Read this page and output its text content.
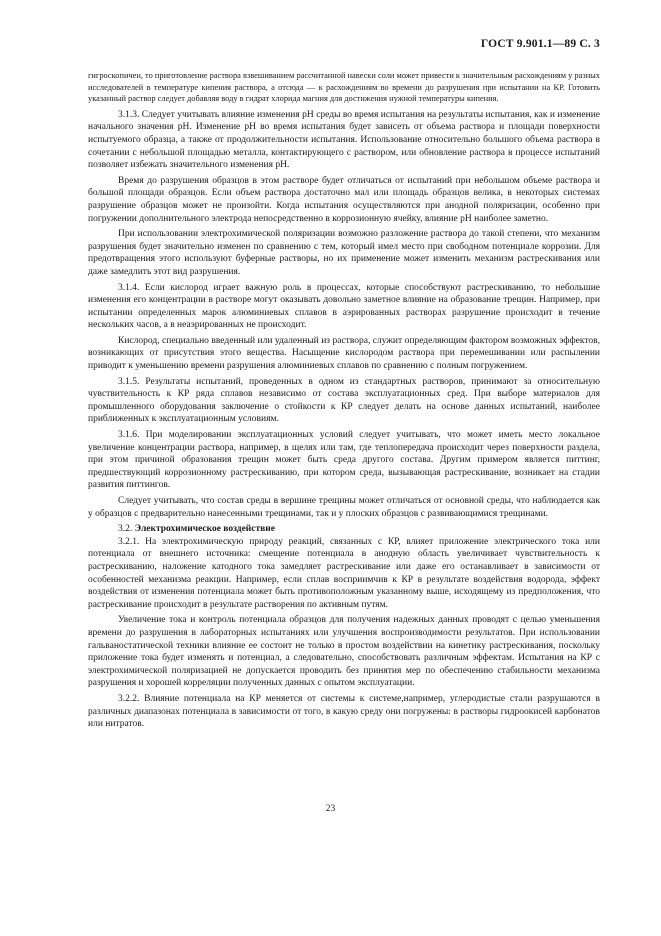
ГОСТ 9.901.1—89 С. 3

гигроскопичен, то приготовление раствора взвешиванием рассчитанной навески соли может привести к значительным расхождениям у разных исследователей в температуре кипения раствора, а отсюда — к расхождениям во времени до разрушения при испытании на КР. Готовить указанный раствор следует добавляя воду в гидрат хлорида магния для достижения нужной температуры кипения.

3.1.3. Следует учитывать влияние изменения pH среды во время испытания на результаты испытания, как и изменение начального значения pH. Изменение pH во время испытания будет зависеть от объема раствора и площади поверхности испытуемого образца, а также от продолжительности испытания. Использование относительно большого объема раствора в сочетании с небольшой площадью металла, контактирующего с раствором, или обновление раствора в процессе испытаний позволяет избежать значительного изменения pH.

Время до разрушения образцов в этом растворе будет отличаться от испытаний при небольшом объеме раствора и большой площади образцов. Если объем раствора достаточно мал или площадь образцов велика, в некоторых системах разрушение образцов может не произойти. Когда испытания осуществляются при анодной поляризации, особенно при погружении дополнительного электрода непосредственно в коррозионную ячейку, влияние pH наиболее заметно.

При использовании электрохимической поляризации возможно разложение раствора до такой степени, что механизм разрушения будет значительно изменен по сравнению с тем, который имел место при свободном потенциале коррозии. Для предотвращения этого используют буферные растворы, но их применение может изменить механизм растрескивания или даже замедлить этот вид разрушения.

3.1.4. Если кислород играет важную роль в процессах, которые способствуют растрескиванию, то небольшие изменения его концентрации в растворе могут оказывать довольно заметное влияние на образование трещин. Например, при испытании определенных марок алюминиевых сплавов в аэрированных растворах разрушение происходит в течение нескольких часов, а в неаэрированных не происходит.

Кислород, специально введенный или удаленный из раствора, служит определяющим фактором возможных эффектов, возникающих от присутствия этого вещества. Насыщение кислородом раствора при перемешивании или распылении приводит к уменьшению времени разрушения алюминиевых сплавов по сравнению с полным погружением.

3.1.5. Результаты испытаний, проведенных в одном из стандартных растворов, принимают за относительную чувствительность к КР ряда сплавов независимо от состава эксплуатационных сред. При выборе материалов для промышленного оборудования заключение о стойкости к КР следует делать на основе данных испытаний, наиболее приближенных к эксплуатационным условиям.

3.1.6. При моделировании эксплуатационных условий следует учитывать, что может иметь место локальное увеличение концентрации раствора, например, в щелях или там, где теплопередача происходит через поверхности раздела, при этом причиной образования трещин может быть среда другого состава. Другим примером является питтинг, предшествующий коррозионному растрескиванию, при котором среда, вызывающая растрескивание, возникает на стадии развития питтингов.

Следует учитывать, что состав среды в вершине трещины может отличаться от основной среды, что наблюдается как у образцов с предварительно нанесенными трещинами, так и у плоских образцов с развивающимися трещинами.

3.2. Электрохимическое воздействие

3.2.1. На электрохимическую природу реакций, связанных с КР, влияет приложение электрического тока или потенциала от внешнего источника: смещение потенциала в анодную область увеличивает чувствительность к растрескиванию, наложение катодного тока замедляет растрескивание или даже его останавливает в зависимости от особенностей механизма реакции. Например, если сплав восприимчив к КР в результате воздействия водорода, эффект воздействия от изменения потенциала может быть противоположным указанному выше, исходящему из предположения, что растрескивание происходит в результате растворения по активным путям.

Увеличение тока и контроль потенциала образцов для получения надежных данных проводят с целью уменьшения времени до разрушения в лабораторных испытаниях или улучшения воспроизводимости результатов. При использовании гальваностатической техники влияние ее состоит не только в простом воздействии на кинетику растрескивания, поскольку приложение тока будет изменять и потенциал, а следовательно, способствовать различным эффектам. Испытания на КР с электрохимической поляризацией не допускается проводить без принятия мер по обеспечению стабильности механизма разрушения и хорошей корреляции полученных данных с опытом эксплуатации.

3.2.2. Влияние потенциала на КР меняется от системы к системе,например, углеродистые стали разрушаются в различных диапазонах потенциала в зависимости от того, в какую среду они погружены: в растворы гидроокисей карбонатов или нитратов.

23
